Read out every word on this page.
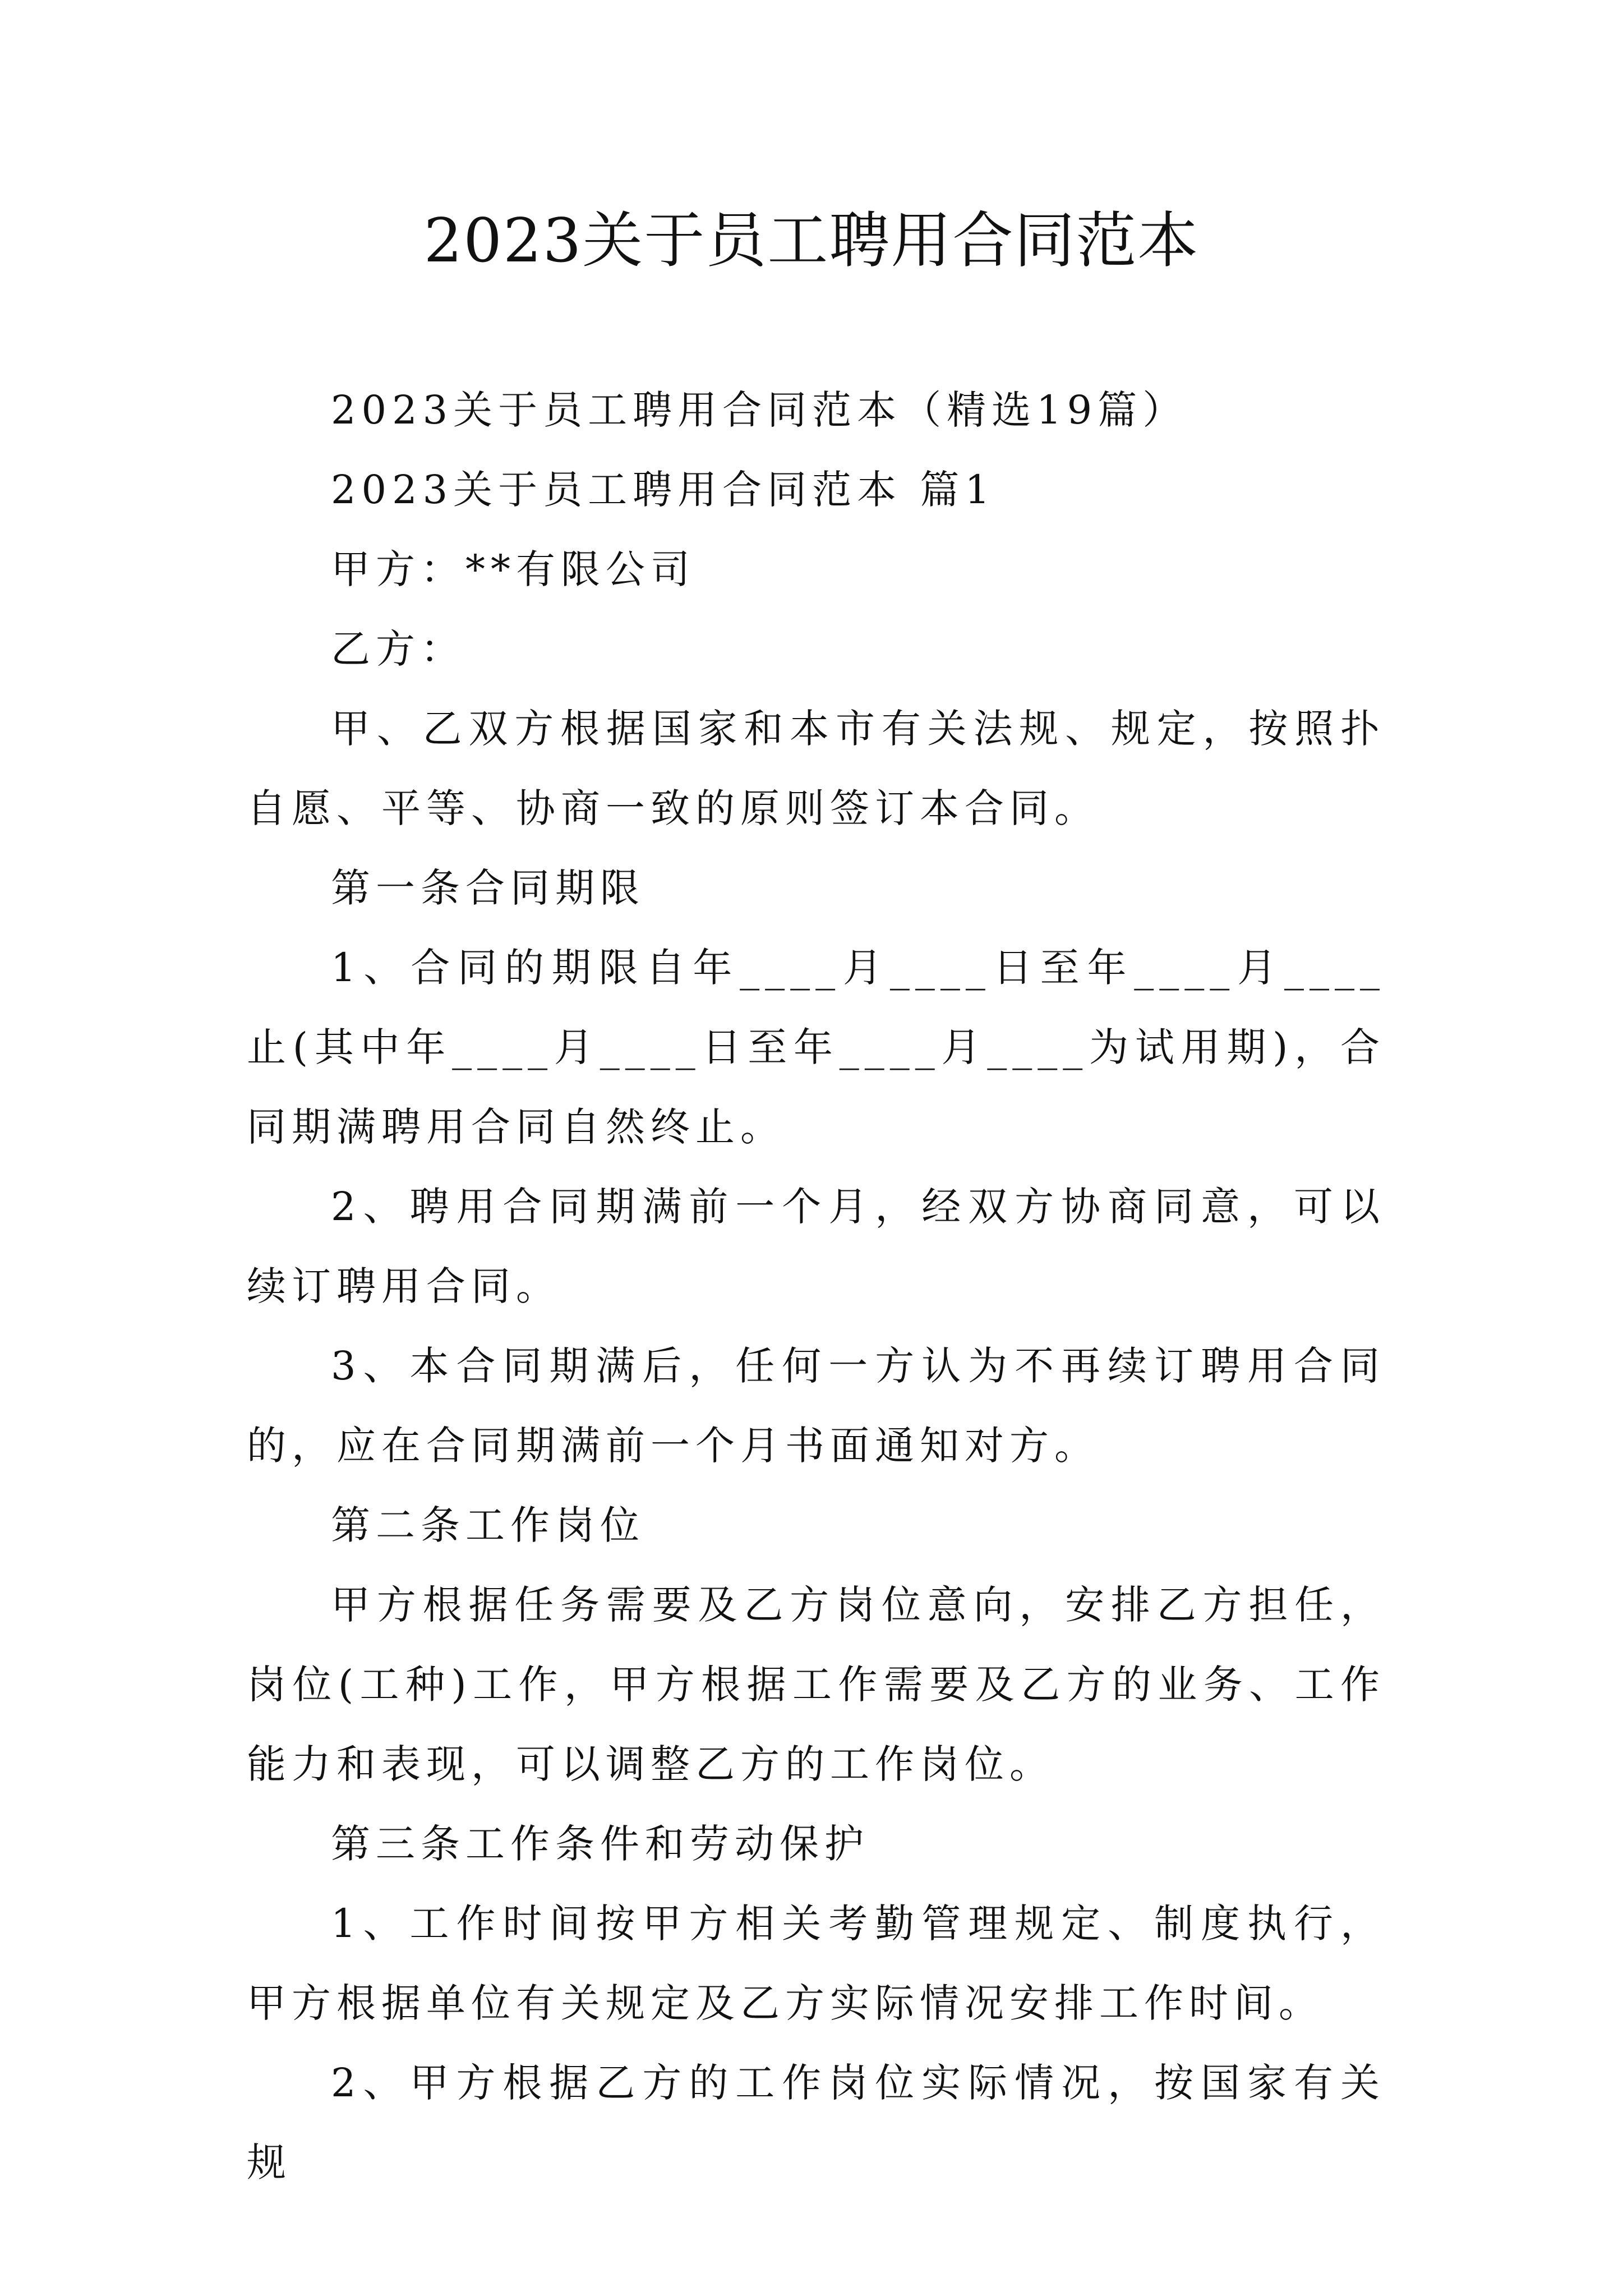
2023关于员工聘用合同范本

2023关于员工聘用合同范本（精选19篇）

2023关于员工聘用合同范本 篇1

甲方：**有限公司

乙方：

甲、乙双方根据国家和本市有关法规、规定，按照扑自愿、平等、协商一致的原则签订本合同。

第一条合同期限

1、合同的期限自年____月____日至年____月____止(其中年____月____日至年____月____为试用期)，合同期满聘用合同自然终止。

2、聘用合同期满前一个月，经双方协商同意，可以续订聘用合同。

3、本合同期满后，任何一方认为不再续订聘用合同的，应在合同期满前一个月书面通知对方。

第二条工作岗位

甲方根据任务需要及乙方岗位意向，安排乙方担任，岗位(工种)工作，甲方根据工作需要及乙方的业务、工作能力和表现，可以调整乙方的工作岗位。

第三条工作条件和劳动保护

1、工作时间按甲方相关考勤管理规定、制度执行，甲方根据单位有关规定及乙方实际情况安排工作时间。

2、甲方根据乙方的工作岗位实际情况，按国家有关规
